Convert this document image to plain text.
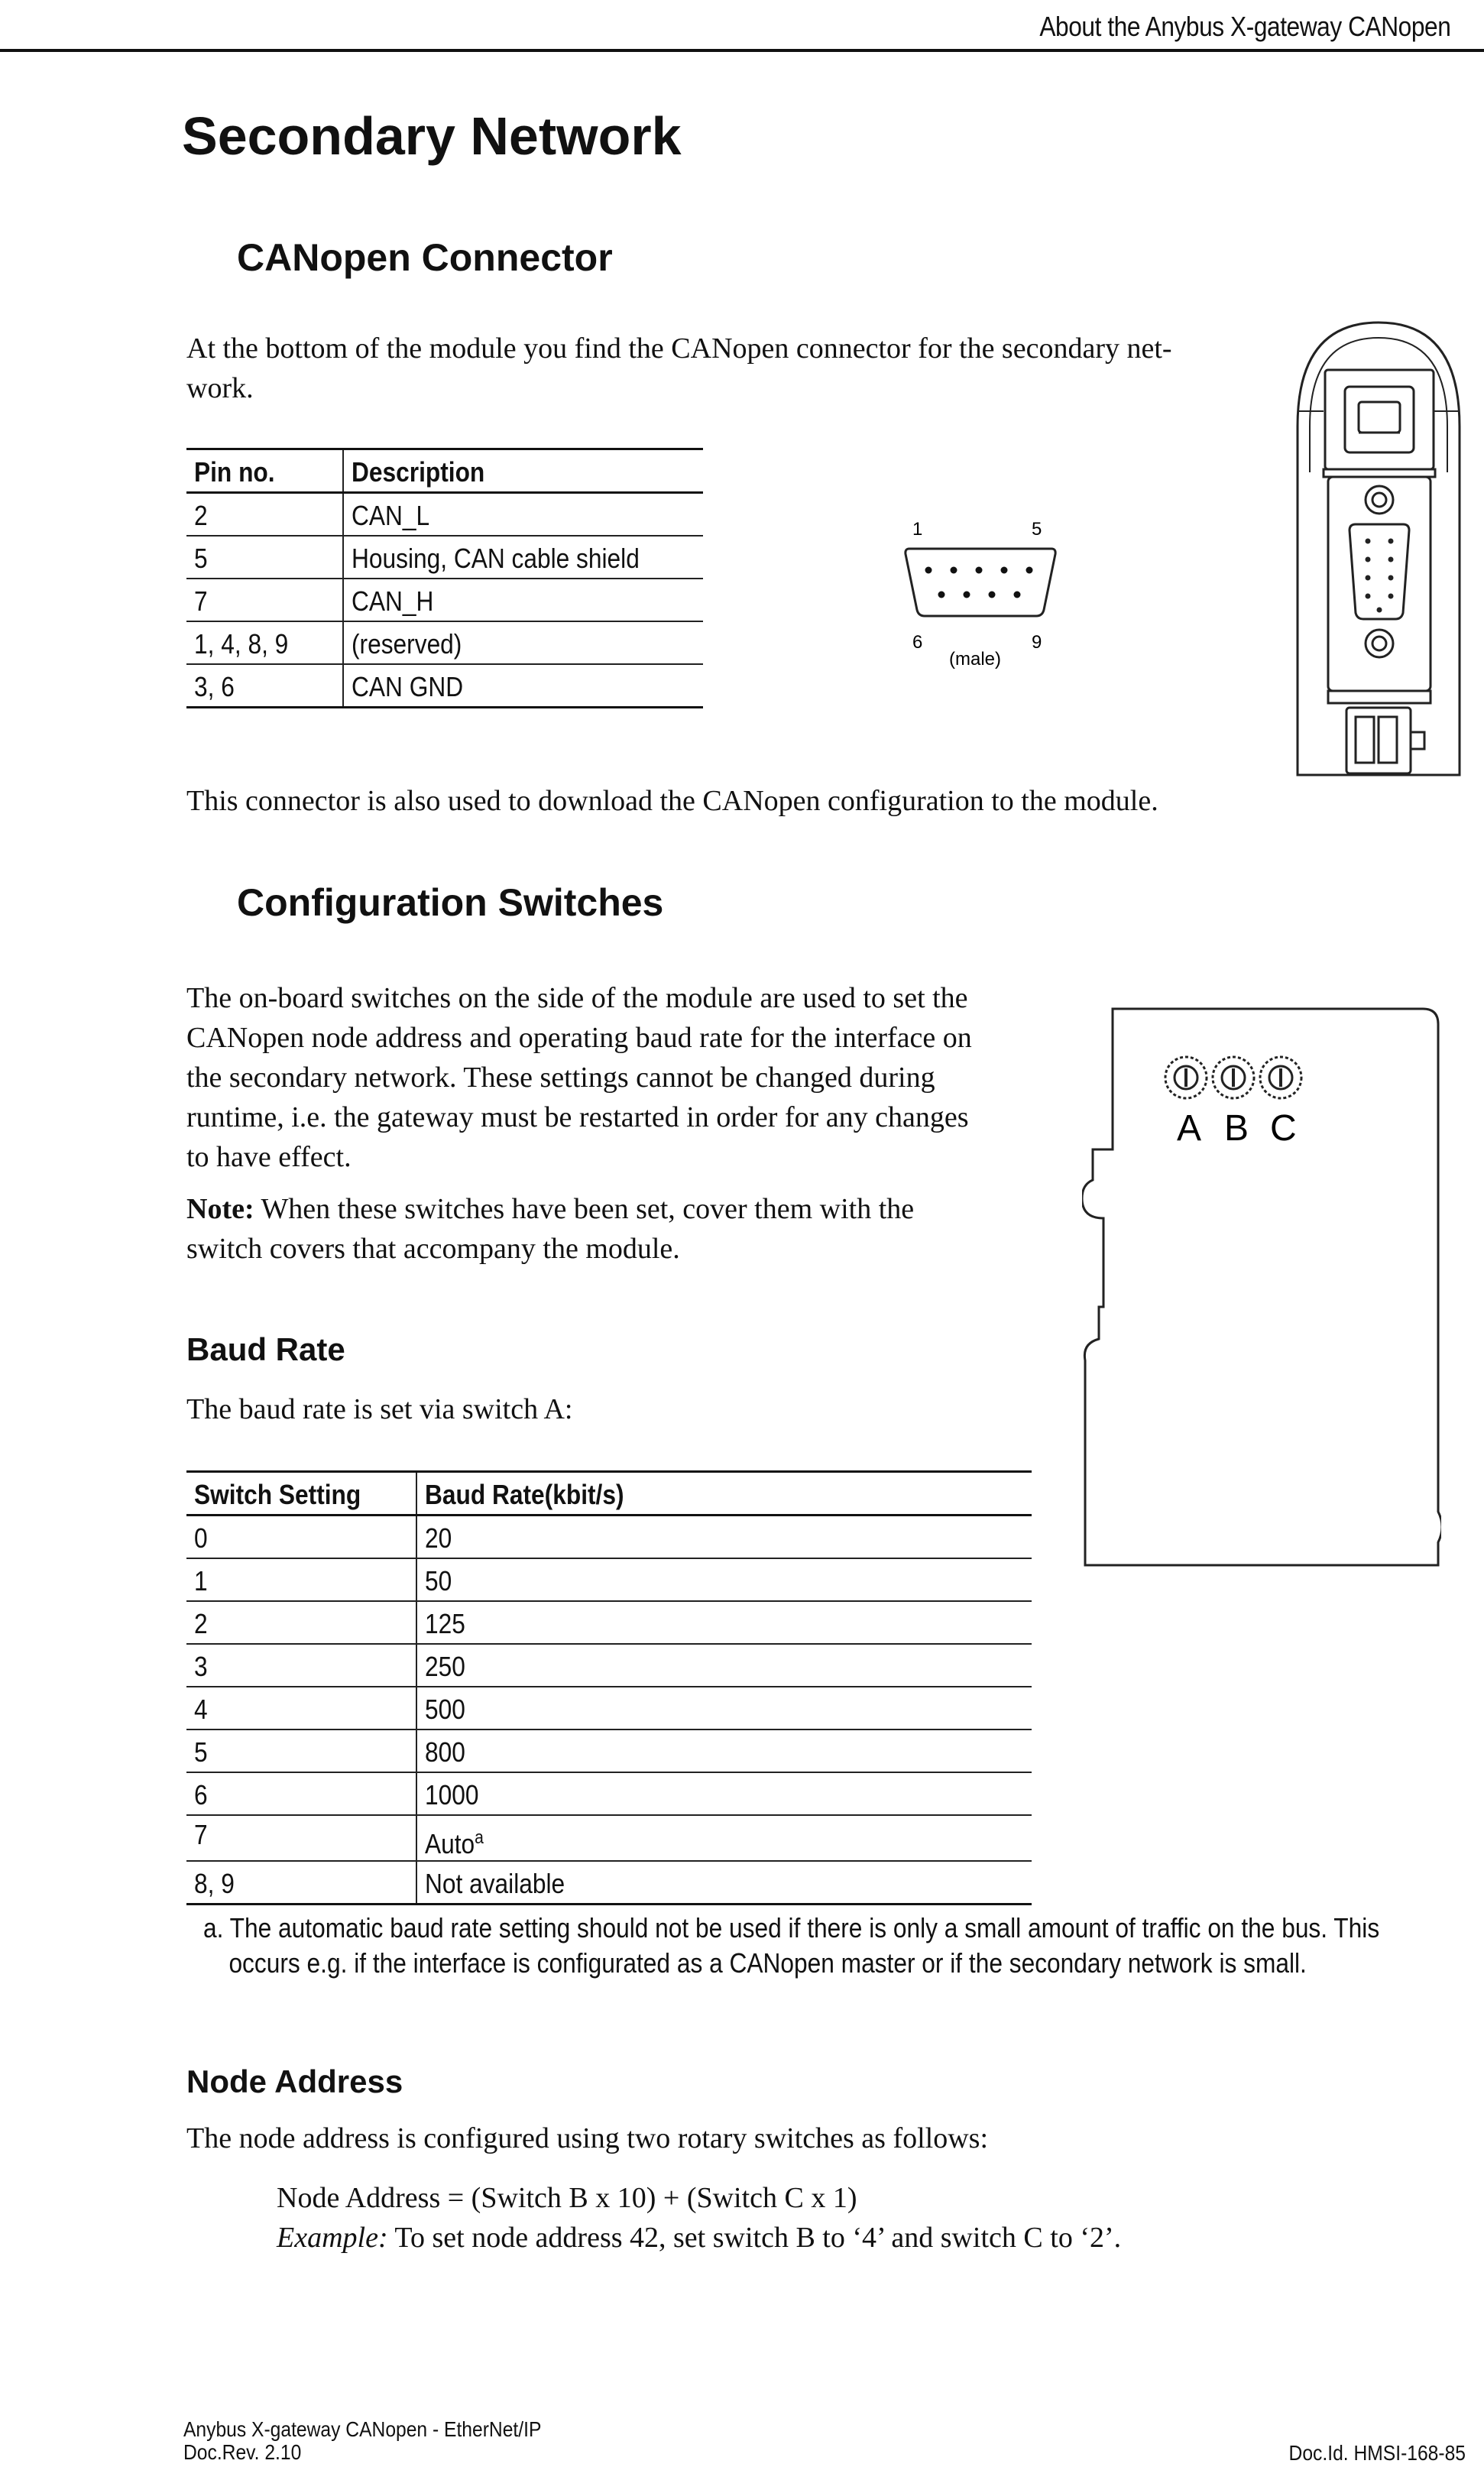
About the Anybus X-gateway CANopen
Secondary Network
CANopen Connector
At the bottom of the module you find the CANopen connector for the secondary net-
work.
Pin no.	Description
2	CAN_L
5	Housing, CAN cable shield
7	CAN_H
1, 4, 8, 9	(reserved)
3, 6	CAN GND
1	5
6	9
(male)
This connector is also used to download the CANopen configuration to the module.
Configuration Switches
The on-board switches on the side of the module are used to set the
CANopen node address and operating baud rate for the interface on
the secondary network. These settings cannot be changed during
runtime, i.e. the gateway must be restarted in order for any changes
to have effect.
Note: When these switches have been set, cover them with the
switch covers that accompany the module.
A B C
Baud Rate
The baud rate is set via switch A:
Switch Setting	Baud Rate(kbit/s)
0	20
1	50
2	125
3	250
4	500
5	800
6	1000
7	Auto$^a$
8, 9	Not available
a. The automatic baud rate setting should not be used if there is only a small amount of traffic on the bus. This
occurs e.g. if the interface is configurated as a CANopen master or if the secondary network is small.
Node Address
The node address is configured using two rotary switches as follows:
Node Address = (Switch B x 10) + (Switch C x 1)
Example: To set node address 42, set switch B to ‘4’ and switch C to ‘2’.
Anybus X-gateway CANopen - EtherNet/IP
Doc.Rev. 2.10	Doc.Id. HMSI-168-85
